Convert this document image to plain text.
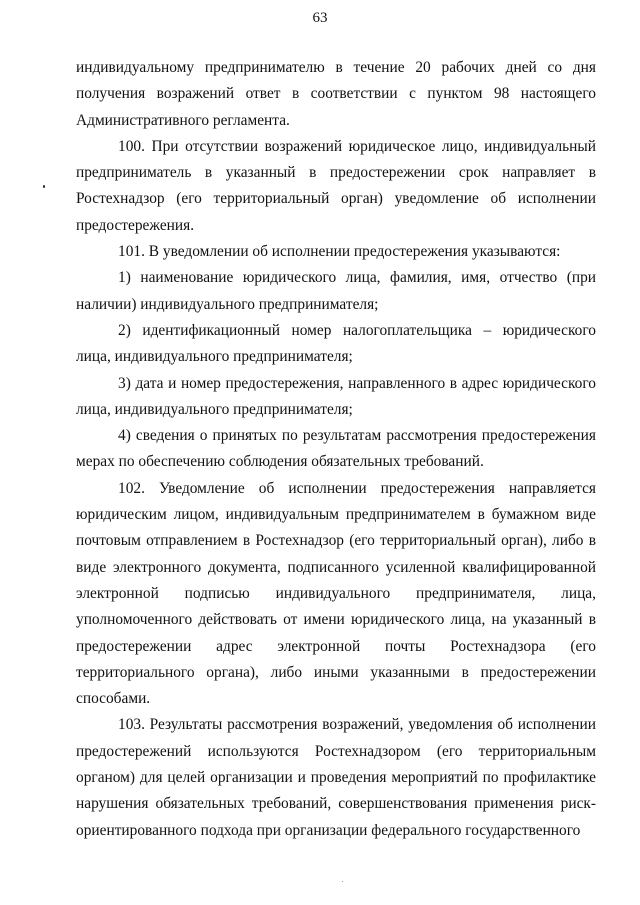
63

индивидуальному предпринимателю в течение 20 рабочих дней со дня получения возражений ответ в соответствии с пунктом 98 настоящего Административного регламента.

100. При отсутствии возражений юридическое лицо, индивидуальный предприниматель в указанный в предостережении срок направляет в Ростехнадзор (его территориальный орган) уведомление об исполнении предостережения.

101. В уведомлении об исполнении предостережения указываются:

1) наименование юридического лица, фамилия, имя, отчество (при наличии) индивидуального предпринимателя;

2) идентификационный номер налогоплательщика – юридического лица, индивидуального предпринимателя;

3) дата и номер предостережения, направленного в адрес юридического лица, индивидуального предпринимателя;

4) сведения о принятых по результатам рассмотрения предостережения мерах по обеспечению соблюдения обязательных требований.

102. Уведомление об исполнении предостережения направляется юридическим лицом, индивидуальным предпринимателем в бумажном виде почтовым отправлением в Ростехнадзор (его территориальный орган), либо в виде электронного документа, подписанного усиленной квалифицированной электронной подписью индивидуального предпринимателя, лица, уполномоченного действовать от имени юридического лица, на указанный в предостережении адрес электронной почты Ростехнадзора (его территориального органа), либо иными указанными в предостережении способами.

103. Результаты рассмотрения возражений, уведомления об исполнении предостережений используются Ростехнадзором (его территориальным органом) для целей организации и проведения мероприятий по профилактике нарушения обязательных требований, совершенствования применения риск-ориентированного подхода при организации федерального государственного
